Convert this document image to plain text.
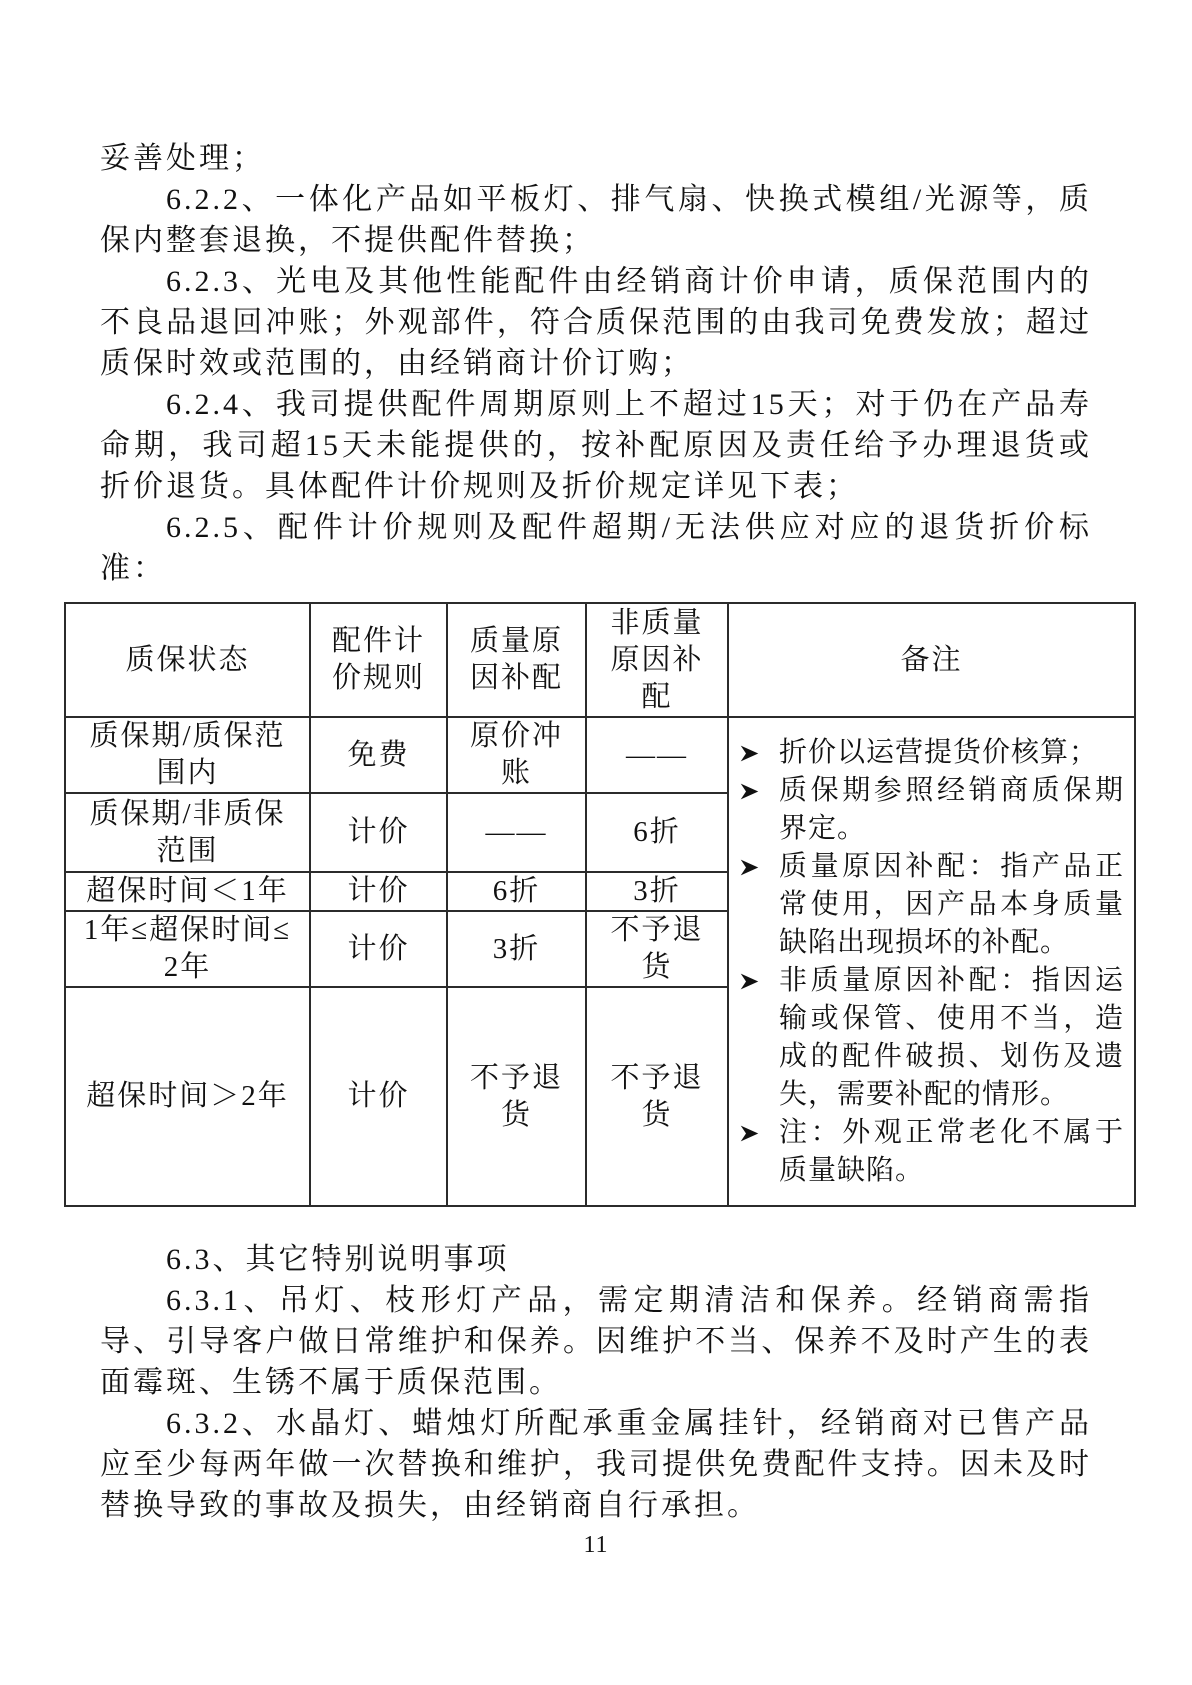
妥善处理；

6.2.2、一体化产品如平板灯、排气扇、快换式模组/光源等，质保内整套退换，不提供配件替换；

6.2.3、光电及其他性能配件由经销商计价申请，质保范围内的不良品退回冲账；外观部件，符合质保范围的由我司免费发放；超过质保时效或范围的，由经销商计价订购；

6.2.4、我司提供配件周期原则上不超过15天；对于仍在产品寿命期，我司超15天未能提供的，按补配原因及责任给予办理退货或折价退货。具体配件计价规则及折价规定详见下表；

6.2.5、配件计价规则及配件超期/无法供应对应的退货折价标准：

质保状态	配件计价规则	质量原因补配	非质量原因补配	备注
质保期/质保范围内	免费	原价冲账	——	折价以运营提货价核算；
质保期参照经销商质保期界定。
质量原因补配：指产品正常使用，因产品本身质量缺陷出现损坏的补配。
非质量原因补配：指因运输或保管、使用不当，造成的配件破损、划伤及遗失，需要补配的情形。
注：外观正常老化不属于质量缺陷。

质保期/非质保范围	计价	——	6折	
超保时间＜1年	计价	6折	3折	
1年≤超保时间≤2年	计价	3折	不予退货	
超保时间＞2年	计价	不予退货	不予退货	

6.3、其它特别说明事项

6.3.1、吊灯、枝形灯产品，需定期清洁和保养。经销商需指导、引导客户做日常维护和保养。因维护不当、保养不及时产生的表面霉斑、生锈不属于质保范围。

6.3.2、水晶灯、蜡烛灯所配承重金属挂针，经销商对已售产品应至少每两年做一次替换和维护，我司提供免费配件支持。因未及时替换导致的事故及损失，由经销商自行承担。

11
